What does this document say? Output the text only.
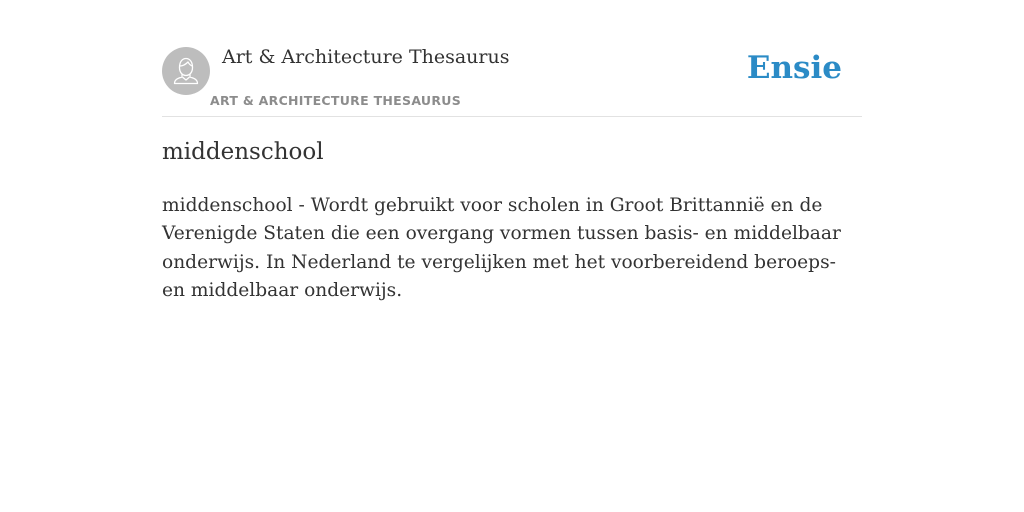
Art & Architecture Thesaurus
ART & ARCHITECTURE THESAURUS
Ensie
middenschool

middenschool - Wordt gebruikt voor scholen in Groot Brittannië en de Verenigde Staten die een overgang vormen tussen basis- en middelbaar onderwijs. In Nederland te vergelijken met het voorbereidend beroeps- en middelbaar onderwijs.
